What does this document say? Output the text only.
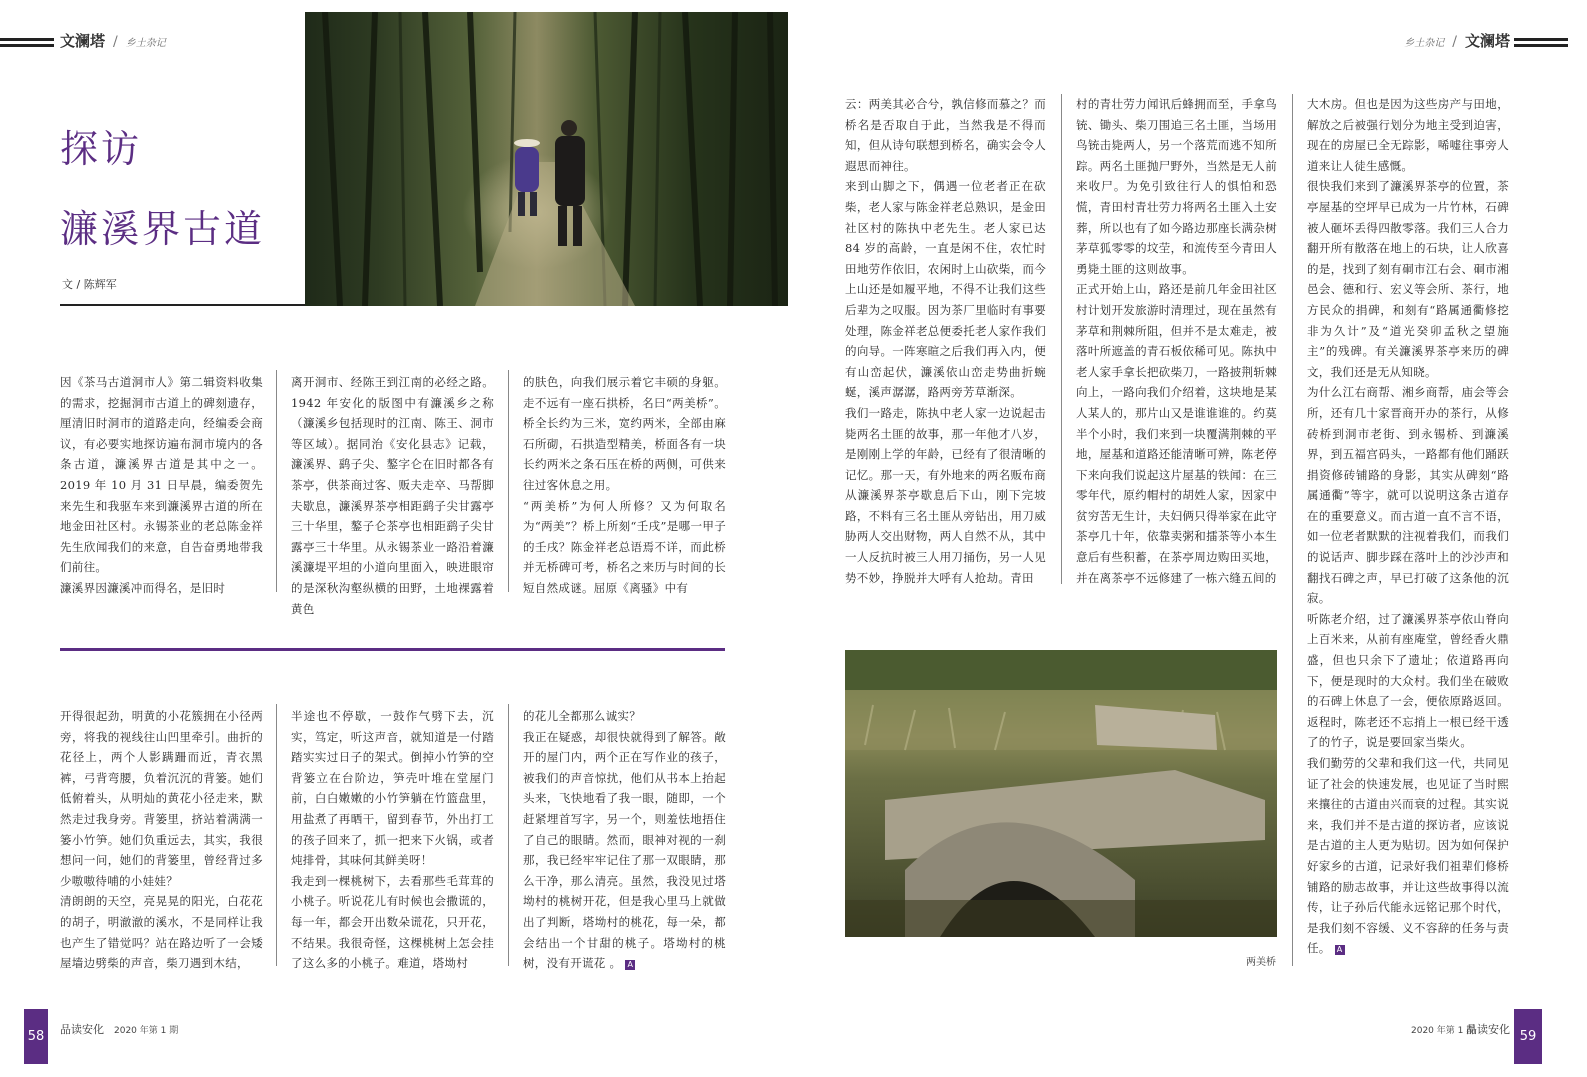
文澜塔 / 乡土杂记	乡土杂记 / 文澜塔
探访
濂溪界古道
文 / 陈辉军
因《茶马古道洞市人》第二辑资料收集的需求，挖掘洞市古道上的碑刻遗存，厘清旧时洞市的道路走向，经编委会商议，有必要实地探访遍布洞市境内的各条古道，濂溪界古道是其中之一。2019 年 10 月 31 日早晨，编委贺先来先生和我驱车来到濂溪界古道的所在地金田社区村。永锡茶业的老总陈金祥先生欣闻我们的来意，自告奋勇地带我们前往。
濂溪界因濂溪冲而得名，是旧时
离开洞市、经陈王到江南的必经之路。1942 年安化的版图中有濂溪乡之称（濂溪乡包括现时的江南、陈王、洞市等区域）。据同治《安化县志》记载，濂溪界、鹞子尖、鏊字仑在旧时都各有茶亭，供茶商过客、贩夫走卒、马帮脚夫歇息，濂溪界茶亭相距鹞子尖甘露亭三十华里，鏊子仑茶亭也相距鹞子尖甘露亭三十华里。从永锡茶业一路沿着濂溪濂堤平坦的小道向里面入，映进眼帘的是深秋沟壑纵横的田野，土地裸露着黄色
的肤色，向我们展示着它丰硕的身躯。走不远有一座石拱桥，名曰“两美桥”。桥全长约为三米，宽约两米，全部由麻石所砌，石拱造型精美，桥面各有一块长约两米之条石压在桥的两侧，可供来往过客休息之用。
“两美桥”为何人所修？又为何取名为“两美”？桥上所刻“壬戌”是哪一甲子的壬戌？陈金祥老总语焉不详，而此桥并无桥碑可考，桥名之来历与时间的长短自然成谜。屈原《离骚》中有
开得很起劲，明黄的小花簇拥在小径两旁，将我的视线往山凹里牵引。曲折的花径上，两个人影蹒跚而近，青衣黑裤，弓背弯腰，负着沉沉的背篓。她们低俯着头，从明灿的黄花小径走来，默然走过我身旁。背篓里，挤站着满满一篓小竹笋。她们负重远去，其实，我很想问一问，她们的背篓里，曾经背过多少嗷嗷待哺的小娃娃？
清朗朗的天空，亮晃晃的阳光，白花花的胡子，明澈澈的溪水，不是同样让我也产生了错觉吗？站在路边听了一会矮屋墙边劈柴的声音，柴刀遇到木结，
半途也不停歇，一鼓作气劈下去，沉实，笃定，听这声音，就知道是一付踏踏实实过日子的架式。倒掉小竹笋的空背篓立在台阶边，笋壳叶堆在堂屋门前，白白嫩嫩的小竹笋躺在竹篮盘里，用盐煮了再晒干，留到春节，外出打工的孩子回来了，抓一把来下火锅，或者炖排骨，其味何其鲜美呀！
我走到一棵桃树下，去看那些毛茸茸的小桃子。听说花儿有时候也会撒谎的，每一年，都会开出数朵谎花，只开花，不结果。我很奇怪，这棵桃树上怎会挂了这么多的小桃子。难道，塔坳村
的花儿全都那么诚实？
我正在疑惑，却很快就得到了解答。敞开的屋门内，两个正在写作业的孩子，被我们的声音惊扰，他们从书本上抬起头来，飞快地看了我一眼，随即，一个赶紧埋首写字，另一个，则羞怯地捂住了自己的眼睛。然而，眼神对视的一刹那，我已经牢牢记住了那一双眼睛，那么干净，那么清亮。虽然，我没见过塔坳村的桃树开花，但是我心里马上就做出了判断，塔坳村的桃花，每一朵，都会结出一个甘甜的桃子。塔坳村的桃树，没有开谎花 。 A
云：两美其必合兮，孰信修而慕之？而桥名是否取自于此，当然我是不得而知，但从诗句联想到桥名，确实会令人遐思而神往。
来到山脚之下，偶遇一位老者正在砍柴，老人家与陈金祥老总熟识，是金田社区村的陈执中老先生。老人家已达 84 岁的高龄，一直是闲不住，农忙时田地劳作依旧，农闲时上山砍柴，而今上山还是如履平地，不得不让我们这些后辈为之叹服。因为茶厂里临时有事要处理，陈金祥老总便委托老人家作我们的向导。一阵寒暄之后我们再入内，便有山峦起伏，濂溪依山峦走势曲折蜿蜒，溪声潺潺，路两旁芳草渐深。
我们一路走，陈执中老人家一边说起击毙两名土匪的故事，那一年他才八岁，是刚刚上学的年龄，已经有了很清晰的记忆。那一天，有外地来的两名贩布商从濂溪界茶亭歇息后下山，刚下完坡路，不料有三名土匪从旁钻出，用刀威胁两人交出财物，两人自然不从，其中一人反抗时被三人用刀捅伤，另一人见势不妙，挣脱并大呼有人抢劫。青田
村的青壮劳力闻讯后蜂拥而至，手拿鸟铳、锄头、柴刀围追三名土匪，当场用鸟铳击毙两人，另一个落荒而逃不知所踪。两名土匪抛尸野外，当然是无人前来收尸。为免引致往行人的惧怕和恐慌，青田村青壮劳力将两名土匪入土安葬，所以也有了如今路边那座长满杂树茅草狐零零的坟茔，和流传至今青田人勇毙土匪的这则故事。
正式开始上山，路还是前几年金田社区村计划开发旅游时清理过，现在虽然有茅草和荆棘所阻，但并不是太难走，被落叶所遮盖的青石板依稀可见。陈执中老人家手拿长把砍柴刀，一路披荆斩棘向上，一路向我们介绍着，这块地是某人某人的，那片山又是谁谁谁的。约莫半个小时，我们来到一块覆满荆棘的平地，屋基和道路还能清晰可辨，陈老停下来向我们说起这片屋基的铁闻：在三零年代，原约帽村的胡姓人家，因家中贫穷苦无生计，夫妇俩只得举家在此守茶亭几十年，依靠卖粥和擂茶等小本生意后有些积蓄，在茶亭周边购田买地，并在离茶亭不远修建了一栋六缝五间的
大木房。但也是因为这些房产与田地，解放之后被强行划分为地主受到迫害，现在的房屋已全无踪影，唏嘘往事旁人道来让人徒生感慨。
很快我们来到了濂溪界茶亭的位置，茶亭屋基的空坪早已成为一片竹林，石碑被人砸坏丢得四散零落。我们三人合力翻开所有散落在地上的石块，让人欣喜的是，找到了刻有硐市江右会、硐市湘邑会、德和行、宏义等会所、茶行，地方民众的捐碑，和刻有“路属通衢修挖非为久计”及“道光癸卯孟秋之望施主”的残碑。有关濂溪界茶亭来历的碑文，我们还是无从知晓。
为什么江右商帮、湘乡商帮，庙会等会所，还有几十家晋商开办的茶行，从修砖桥到洞市老街、到永锡桥、到濂溪界，到五福宫码头，一路都有他们踊跃捐资修砖铺路的身影，其实从碑刻“路属通衢”等字，就可以说明这条古道存在的重要意义。而古道一直不言不语，如一位老者默默的注视着我们，而我们的说话声、脚步踩在落叶上的沙沙声和翻找石碑之声，早已打破了这条他的沉寂。
听陈老介绍，过了濂溪界茶亭依山脊向上百米来，从前有座庵堂，曾经香火鼎盛，但也只余下了遗址；依道路再向下，便是现时的大众村。我们坐在破败的石碑上休息了一会，便依原路返回。返程时，陈老还不忘捎上一根已经干透了的竹子，说是要回家当柴火。
我们勤劳的父辈和我们这一代，共同见证了社会的快速发展，也见证了当时熙来攘往的古道由兴而衰的过程。其实说来，我们并不是古道的探访者，应该说是古道的主人更为贴切。因为如何保护好家乡的古道，记录好我们祖辈们修桥铺路的励志故事，并让这些故事得以流传，让子孙后代能永远铭记那个时代，是我们刻不容缓、义不容辞的任务与责任。 A
两美桥
58	品读安化 2020 年第 1 期	2020 年第 1 期
品读安化 59
